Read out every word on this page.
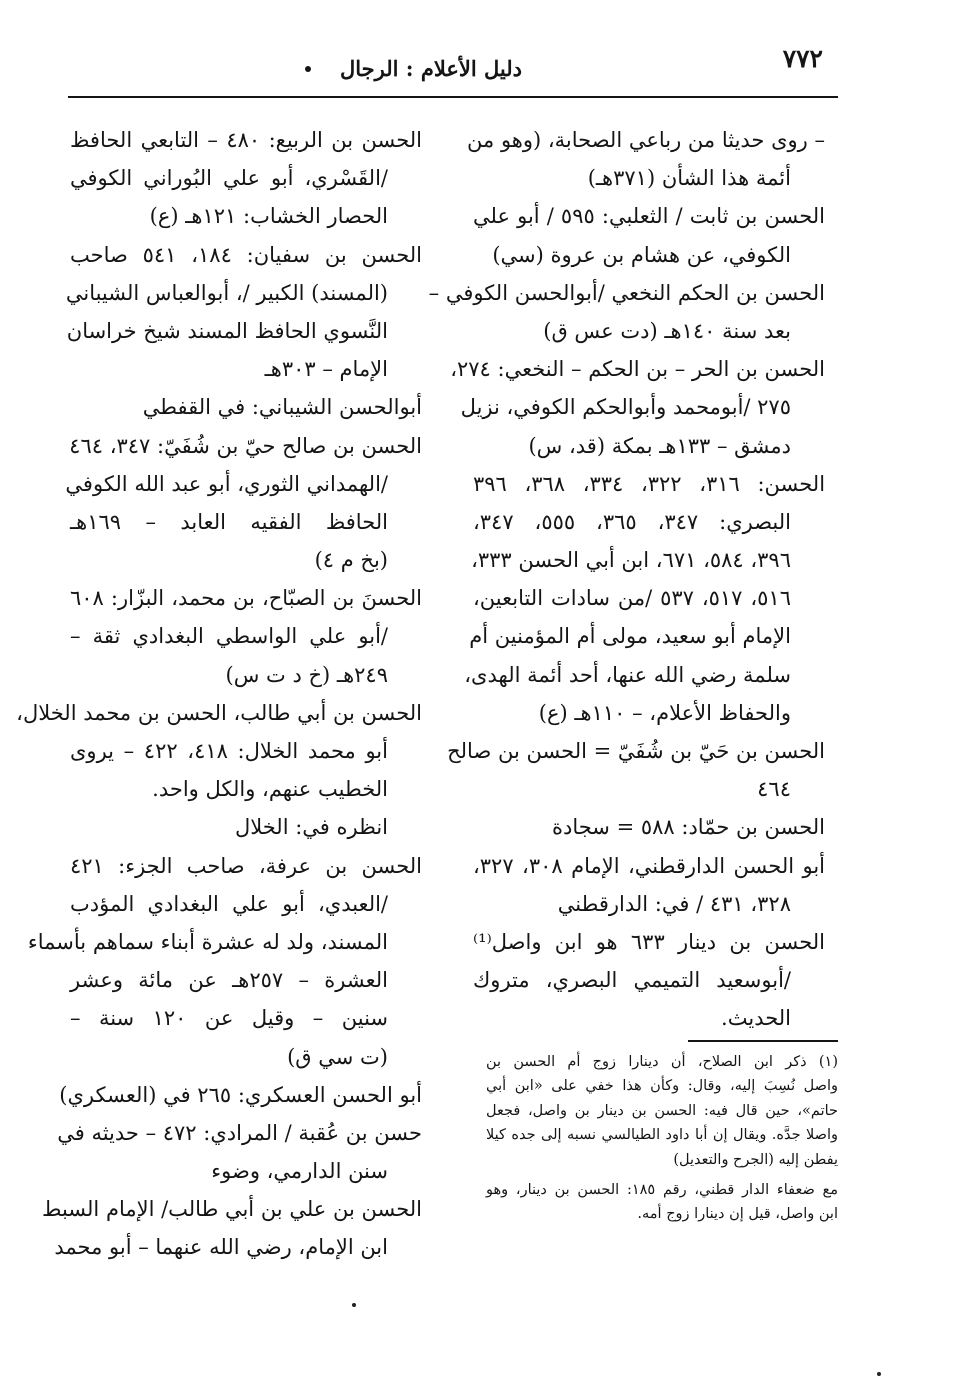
٧٧٢
دليل الأعلام : الرجال
– روى حديثا من رباعي الصحابة، (وهو من
أئمة هذا الشأن (٣٧١هـ)
الحسن بن ثابت / الثعلبي: ٥٩٥ / أبو علي
الكوفي، عن هشام بن عروة (سي)
الحسن بن الحكم النخعي /أبوالحسن الكوفي –
بعد سنة ١٤٠هـ (دت عس ق)
الحسن بن الحر – بن الحكم – النخعي: ٢٧٤،
٢٧٥ /أبومحمد وأبوالحكم الكوفي، نزيل
دمشق – ١٣٣هـ بمكة (قد، س)
الحسن: ٣١٦، ٣٢٢، ٣٣٤، ٣٦٨، ٣٩٦
البصري: ٣٤٧، ٣٦٥، ٥٥٥، ٣٤٧،
٣٩٦، ٥٨٤، ٦٧١، ابن أبي الحسن ٣٣٣،
٥١٦، ٥١٧، ٥٣٧ /من سادات التابعين،
الإمام أبو سعيد، مولى أم المؤمنين أم
سلمة رضي الله عنها، أحد أئمة الهدى،
والحفاظ الأعلام، – ١١٠هـ (ع)
الحسن بن حَيّ بن شُفَيّ = الحسن بن صالح
٤٦٤
الحسن بن حمّاد: ٥٨٨ = سجادة
أبو الحسن الدارقطني، الإمام ٣٠٨، ٣٢٧،
٣٢٨، ٤٣١ / في: الدارقطني
الحسن بن دينار ٦٣٣ هو ابن واصل⁽¹⁾
/أبوسعيد التميمي البصري، متروك
الحديث.
الحسن بن الربيع: ٤٨٠ – التابعي الحافظ
/القَسْري، أبو علي البُوراني الكوفي
الحصار الخشاب: ١٢١هـ (ع)
الحسن بن سفيان: ١٨٤، ٥٤١ صاحب
(المسند) الكبير /، أبوالعباس الشيباني
النَّسوي الحافظ المسند شيخ خراسان
الإمام – ٣٠٣هـ
أبوالحسن الشيباني: في القفطي
الحسن بن صالح حيّ بن شُفَيّ: ٣٤٧، ٤٦٤
/الهمداني الثوري، أبو عبد الله الكوفي
الحافظ الفقيه العابد – ١٦٩هـ
(بخ م ٤)
الحسنَ بن الصبّاح، بن محمد، البزّار: ٦٠٨
/أبو علي الواسطي البغدادي ثقة –
٢٤٩هـ (خ د ت س)
الحسن بن أبي طالب، الحسن بن محمد الخلال،
أبو محمد الخلال: ٤١٨، ٤٢٢ – يروى
الخطيب عنهم، والكل واحد.
انظره في: الخلال
الحسن بن عرفة، صاحب الجزء: ٤٢١
/العبدي، أبو علي البغدادي المؤدب
المسند، ولد له عشرة أبناء سماهم بأسماء
العشرة – ٢٥٧هـ عن مائة وعشر
سنين – وقيل عن ١٢٠ سنة –
(ت سي ق)
أبو الحسن العسكري: ٢٦٥ في (العسكري)
حسن بن عُقبة / المرادي: ٤٧٢ – حديثه في
سنن الدارمي، وضوء
الحسن بن علي بن أبي طالب/ الإمام السبط
ابن الإمام، رضي الله عنهما – أبو محمد
(١) ذكر ابن الصلاح، أن دينارا زوج أم الحسن بن
واصل نُسِبَ إليه، وقال: وكأن هذا خفي على «ابن أبي
حاتم»، حين قال فيه: الحسن بن دينار بن واصل، فجعل
واصلا جدَّه. ويقال إن أبا داود الطيالسي نسبه إلى جده كيلا
يفطن إليه (الجرح والتعديل)
مع ضعفاء الدار قطني، رقم ١٨٥: الحسن بن دينار، وهو
ابن واصل، قيل إن دينارا زوج أمه.
